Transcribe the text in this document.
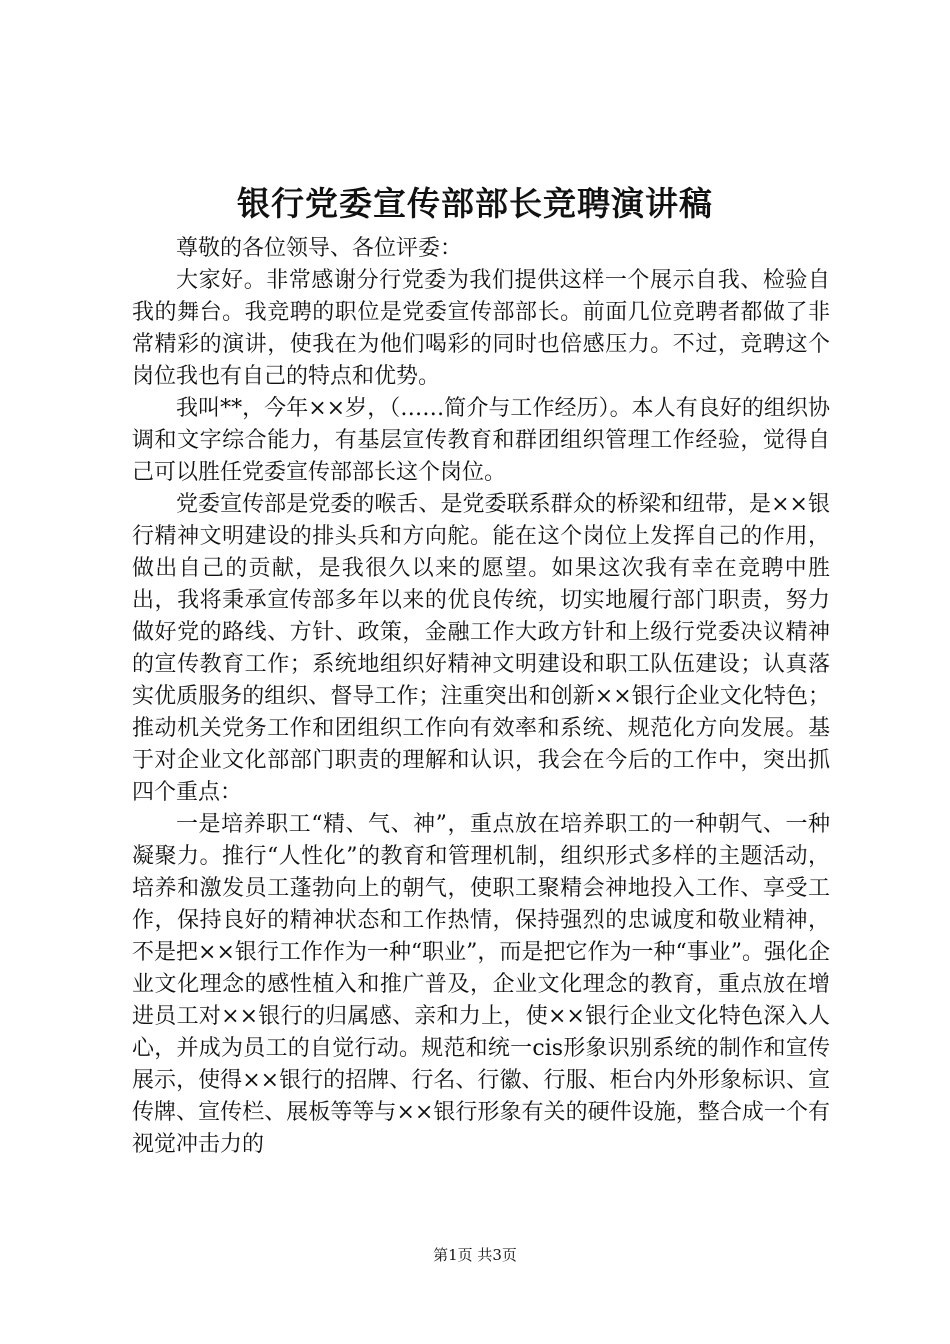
银行党委宣传部部长竞聘演讲稿

尊敬的各位领导、各位评委：

大家好。非常感谢分行党委为我们提供这样一个展示自我、检验自我的舞台。我竞聘的职位是党委宣传部部长。前面几位竞聘者都做了非常精彩的演讲，使我在为他们喝彩的同时也倍感压力。不过，竞聘这个岗位我也有自己的特点和优势。

我叫**，今年××岁，（……简介与工作经历）。本人有良好的组织协调和文字综合能力，有基层宣传教育和群团组织管理工作经验，觉得自己可以胜任党委宣传部部长这个岗位。

党委宣传部是党委的喉舌、是党委联系群众的桥梁和纽带，是××银行精神文明建设的排头兵和方向舵。能在这个岗位上发挥自己的作用，做出自己的贡献，是我很久以来的愿望。如果这次我有幸在竞聘中胜出，我将秉承宣传部多年以来的优良传统，切实地履行部门职责，努力做好党的路线、方针、政策，金融工作大政方针和上级行党委决议精神的宣传教育工作；系统地组织好精神文明建设和职工队伍建设；认真落实优质服务的组织、督导工作；注重突出和创新××银行企业文化特色；推动机关党务工作和团组织工作向有效率和系统、规范化方向发展。基于对企业文化部部门职责的理解和认识，我会在今后的工作中，突出抓四个重点：

一是培养职工“精、气、神”，重点放在培养职工的一种朝气、一种凝聚力。推行“人性化”的教育和管理机制，组织形式多样的主题活动，培养和激发员工蓬勃向上的朝气，使职工聚精会神地投入工作、享受工作，保持良好的精神状态和工作热情，保持强烈的忠诚度和敬业精神，不是把××银行工作作为一种“职业”，而是把它作为一种“事业”。强化企业文化理念的感性植入和推广普及，企业文化理念的教育，重点放在增进员工对××银行的归属感、亲和力上，使××银行企业文化特色深入人心，并成为员工的自觉行动。规范和统一cis形象识别系统的制作和宣传展示，使得××银行的招牌、行名、行徽、行服、柜台内外形象标识、宣传牌、宣传栏、展板等等与××银行形象有关的硬件设施，整合成一个有视觉冲击力的

第1页 共3页
